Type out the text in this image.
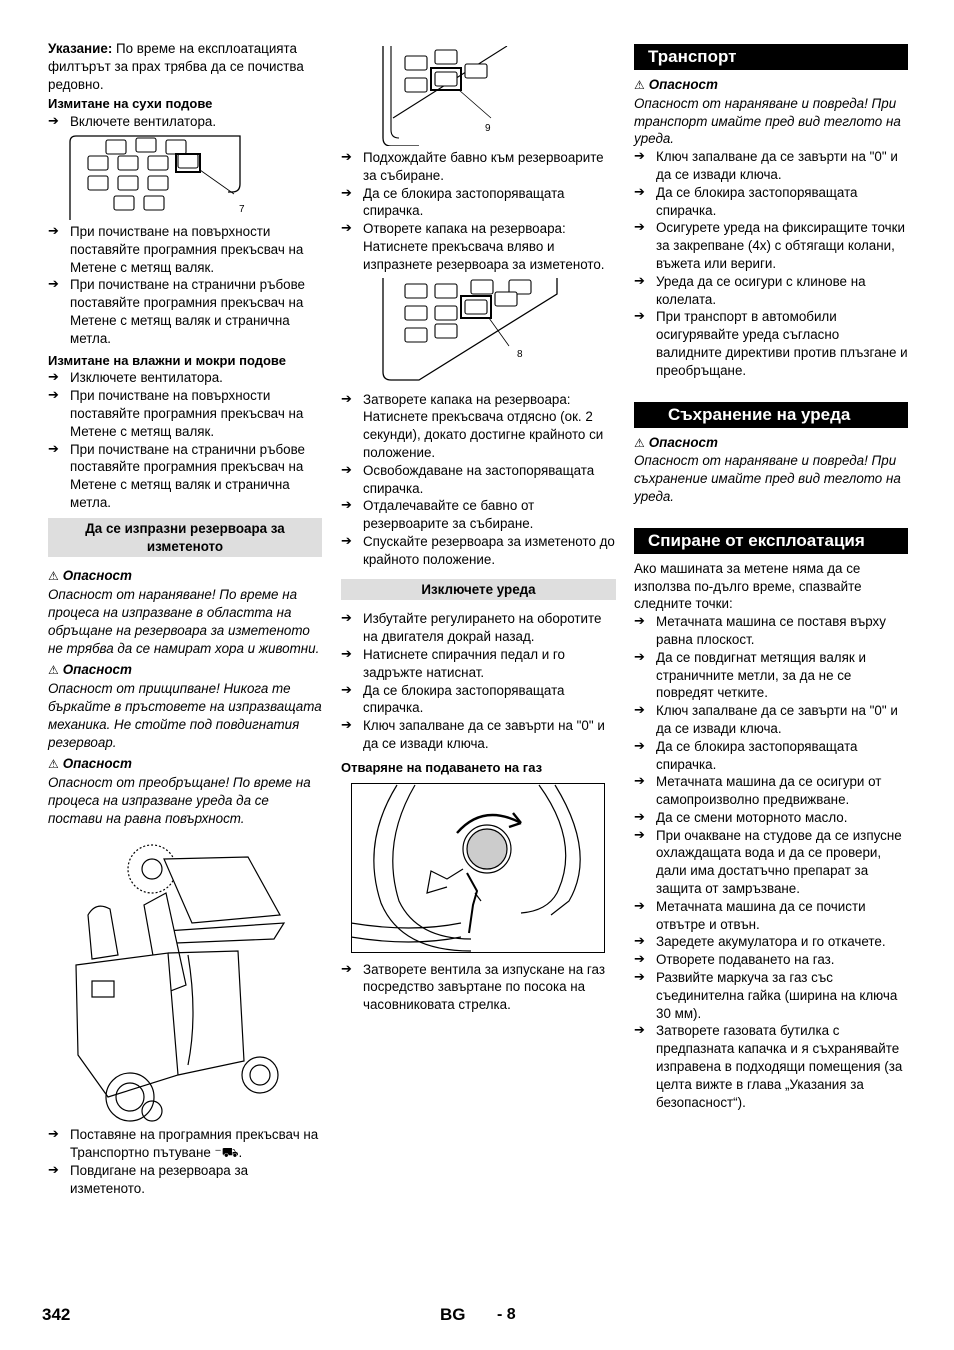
Указание: По време на експлоатацията филтърът за прах трябва да се почиства редовно.

Измитане на сухи подове

➔ Включете вентилатора.

7

➔ При почистване на повърхности поставяйте програмния прекъсвач на Метене с метящ валяк.

➔ При почистване на странични ръбове поставяйте програмния прекъсвач на Метене с метящ валяк и странична метла.

Измитане на влажни и мокри подове

➔ Изключете вентилатора.

➔ При почистване на повърхности поставяйте програмния прекъсвач на Метене с метящ валяк.

➔ При почистване на странични ръбове поставяйте програмния прекъсвач на Метене с метящ валяк и странична метла.

Да се изпразни резервоара за изметеното

⚠ Опасност

Опасност от нараняване! По време на процеса на изпразване в областта на обръщане на резервоара за изметеното не трябва да се намират хора и животни.

⚠ Опасност

Опасност от прищипване! Никога те бъркайте в пръстовете на изпразващата механика. Не стойте под повдигнатия резервоар.

⚠ Опасност

Опасност от преобръщане! По време на процеса на изпразване уреда да се постави на равна повърхност.

➔ Поставяне на програмния прекъсвач на Транспортно пътуване ⁻⛟.

➔ Повдигане на резервоара за изметеното.

9

➔ Подхождайте бавно към резервоарите за събиране.

➔ Да се блокира застопоряващата спирачка.

➔ Отворете капака на резервоара: Натиснете прекъсвача вляво и изпразнете резервоара за изметеното.

8

➔ Затворете капака на резервоара: Натиснете прекъсвача отдясно (ок. 2 секунди), докато достигне крайното си положение.

➔ Освобождаване на застопоряващата спирачка.

➔ Отдалечавайте се бавно от резервоарите за събиране.

➔ Спускайте резервоара за изметеното до крайното положение.

Изключете уреда

➔ Избутайте регулирането на оборотите на двигателя докрай назад.

➔ Натиснете спирачния педал и го задръжте натиснат.

➔ Да се блокира застопоряващата спирачка.

➔ Ключ запалване да се завърти на "0" и да се извади ключа.

Отваряне на подаването на газ

➔ Затворете вентила за изпускане на газ посредство завъртане по посока на часовниковата стрелка.

Транспорт

⚠ Опасност

Опасност от нараняване и повреда! При транспорт имайте пред вид теглото на уреда.

➔ Ключ запалване да се завърти на "0" и да се извади ключа.

➔ Да се блокира застопоряващата спирачка.

➔ Осигурете уреда на фиксиращите точки за закрепване (4x) с обтягащи колани, въжета или вериги.

➔ Уреда да се осигури с клинове на колелата.

➔ При транспорт в автомобили осигурявайте уреда съгласно валидните директиви против плъзгане и преобръщане.

Съхранение на уреда

⚠ Опасност

Опасност от нараняване и повреда! При съхранение имайте пред вид теглото на уреда.

Спиране от експлоатация

Ако машината за метене няма да се използва по-дълго време, спазвайте следните точки:

➔ Метачната машина се поставя върху равна плоскост.

➔ Да се повдигнат метящия валяк и страничните метли, за да не се повредят четките.

➔ Ключ запалване да се завърти на "0" и да се извади ключа.

➔ Да се блокира застопоряващата спирачка.

➔ Метачната машина да се осигури от самопроизволно предвижване.

➔ Да се смени моторното масло.

➔ При очакване на студове да се изпусне охлаждащата вода и да се провери, дали има достатъчно препарат за защита от замръзване.

➔ Метачната машина да се почисти отвътре и отвън.

➔ Заредете акумулатора и го откачете.

➔ Отворете подаването на газ.

➔ Развийте маркуча за газ със съединителна гайка (ширина на ключа 30 мм).

➔ Затворете газовата бутилка с предпазната капачка и я съхранявайте изправена в подходящи помещения (за целта вижте в глава „Указания за безопасност“).

342	BG - 8
